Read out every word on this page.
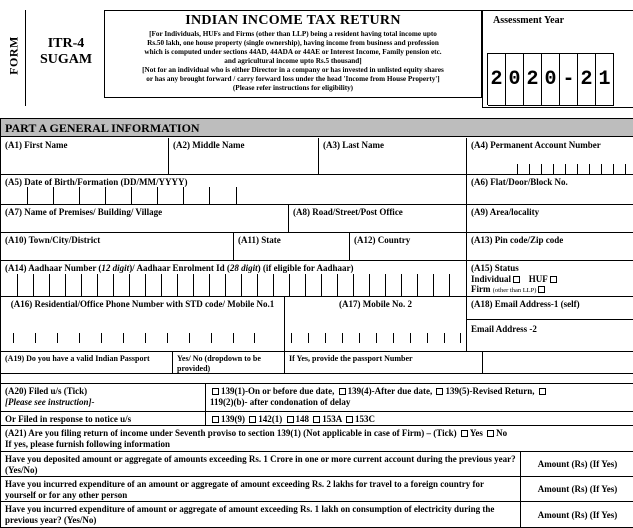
FORM	ITR-4
SUGAM
INDIAN INCOME TAX RETURN
[For Individuals, HUFs and Firms (other than LLP) being a resident having total income upto
Rs.50 lakh, one house property (single ownership), having income from business and profession
which is computed under sections 44AD, 44ADA or 44AE or Interest Income, Family pension etc.
and agricultural income upto Rs.5 thousand]
[Not for an individual who is either Director in a company or has invested in unlisted equity shares
or has any brought forward / carry forward loss under the head 'Income from House Property']
(Please refer instructions for eligibility)
Assessment Year
2 0 2 0 - 2 1
PART A GENERAL INFORMATION
(A1) First Name	(A2) Middle Name	(A3) Last Name	(A4) Permanent Account Number
(A5) Date of Birth/Formation (DD/MM/YYYY)	(A6) Flat/Door/Block No.
(A7) Name of Premises/ Building/ Village	(A8) Road/Street/Post Office	(A9) Area/locality
(A10) Town/City/District	(A11) State	(A12) Country	(A13) Pin code/Zip code
(A14) Aadhaar Number (12 digit)/ Aadhaar Enrolment Id (28 digit) (if eligible for Aadhaar)	(A15) Status
Individual HUF
Firm (other than LLP)
(A16) Residential/Office Phone Number with STD code/ Mobile No.1	(A17) Mobile No. 2	(A18) Email Address-1 (self)
Email Address -2
(A19) Do you have a valid Indian Passport	Yes/ No (dropdown to be provided)
If Yes, provide the passport Number
(A20) Filed u/s (Tick)
[Please see instruction]-
139(1)-On or before due date, 139(4)-After due date, 139(5)-Revised Return,
119(2)(b)- after condonation of delay
Or Filed in response to notice u/s	139(9) 142(1) 148 153A 153C
(A21) Are you filing return of income under Seventh proviso to section 139(1) (Not applicable in case of Firm) – (Tick) Yes No
If yes, please furnish following information
Have you deposited amount or aggregate of amounts exceeding Rs. 1 Crore in one or more current account during the previous year? (Yes/No)
Amount (Rs) (If Yes)
Have you incurred expenditure of an amount or aggregate of amount exceeding Rs. 2 lakhs for travel to a foreign country for yourself or for any other person
Amount (Rs) (If Yes)
Have you incurred expenditure of amount or aggregate of amount exceeding Rs. 1 lakh on consumption of electricity during the previous year? (Yes/No)	Amount (Rs) (If Yes)
